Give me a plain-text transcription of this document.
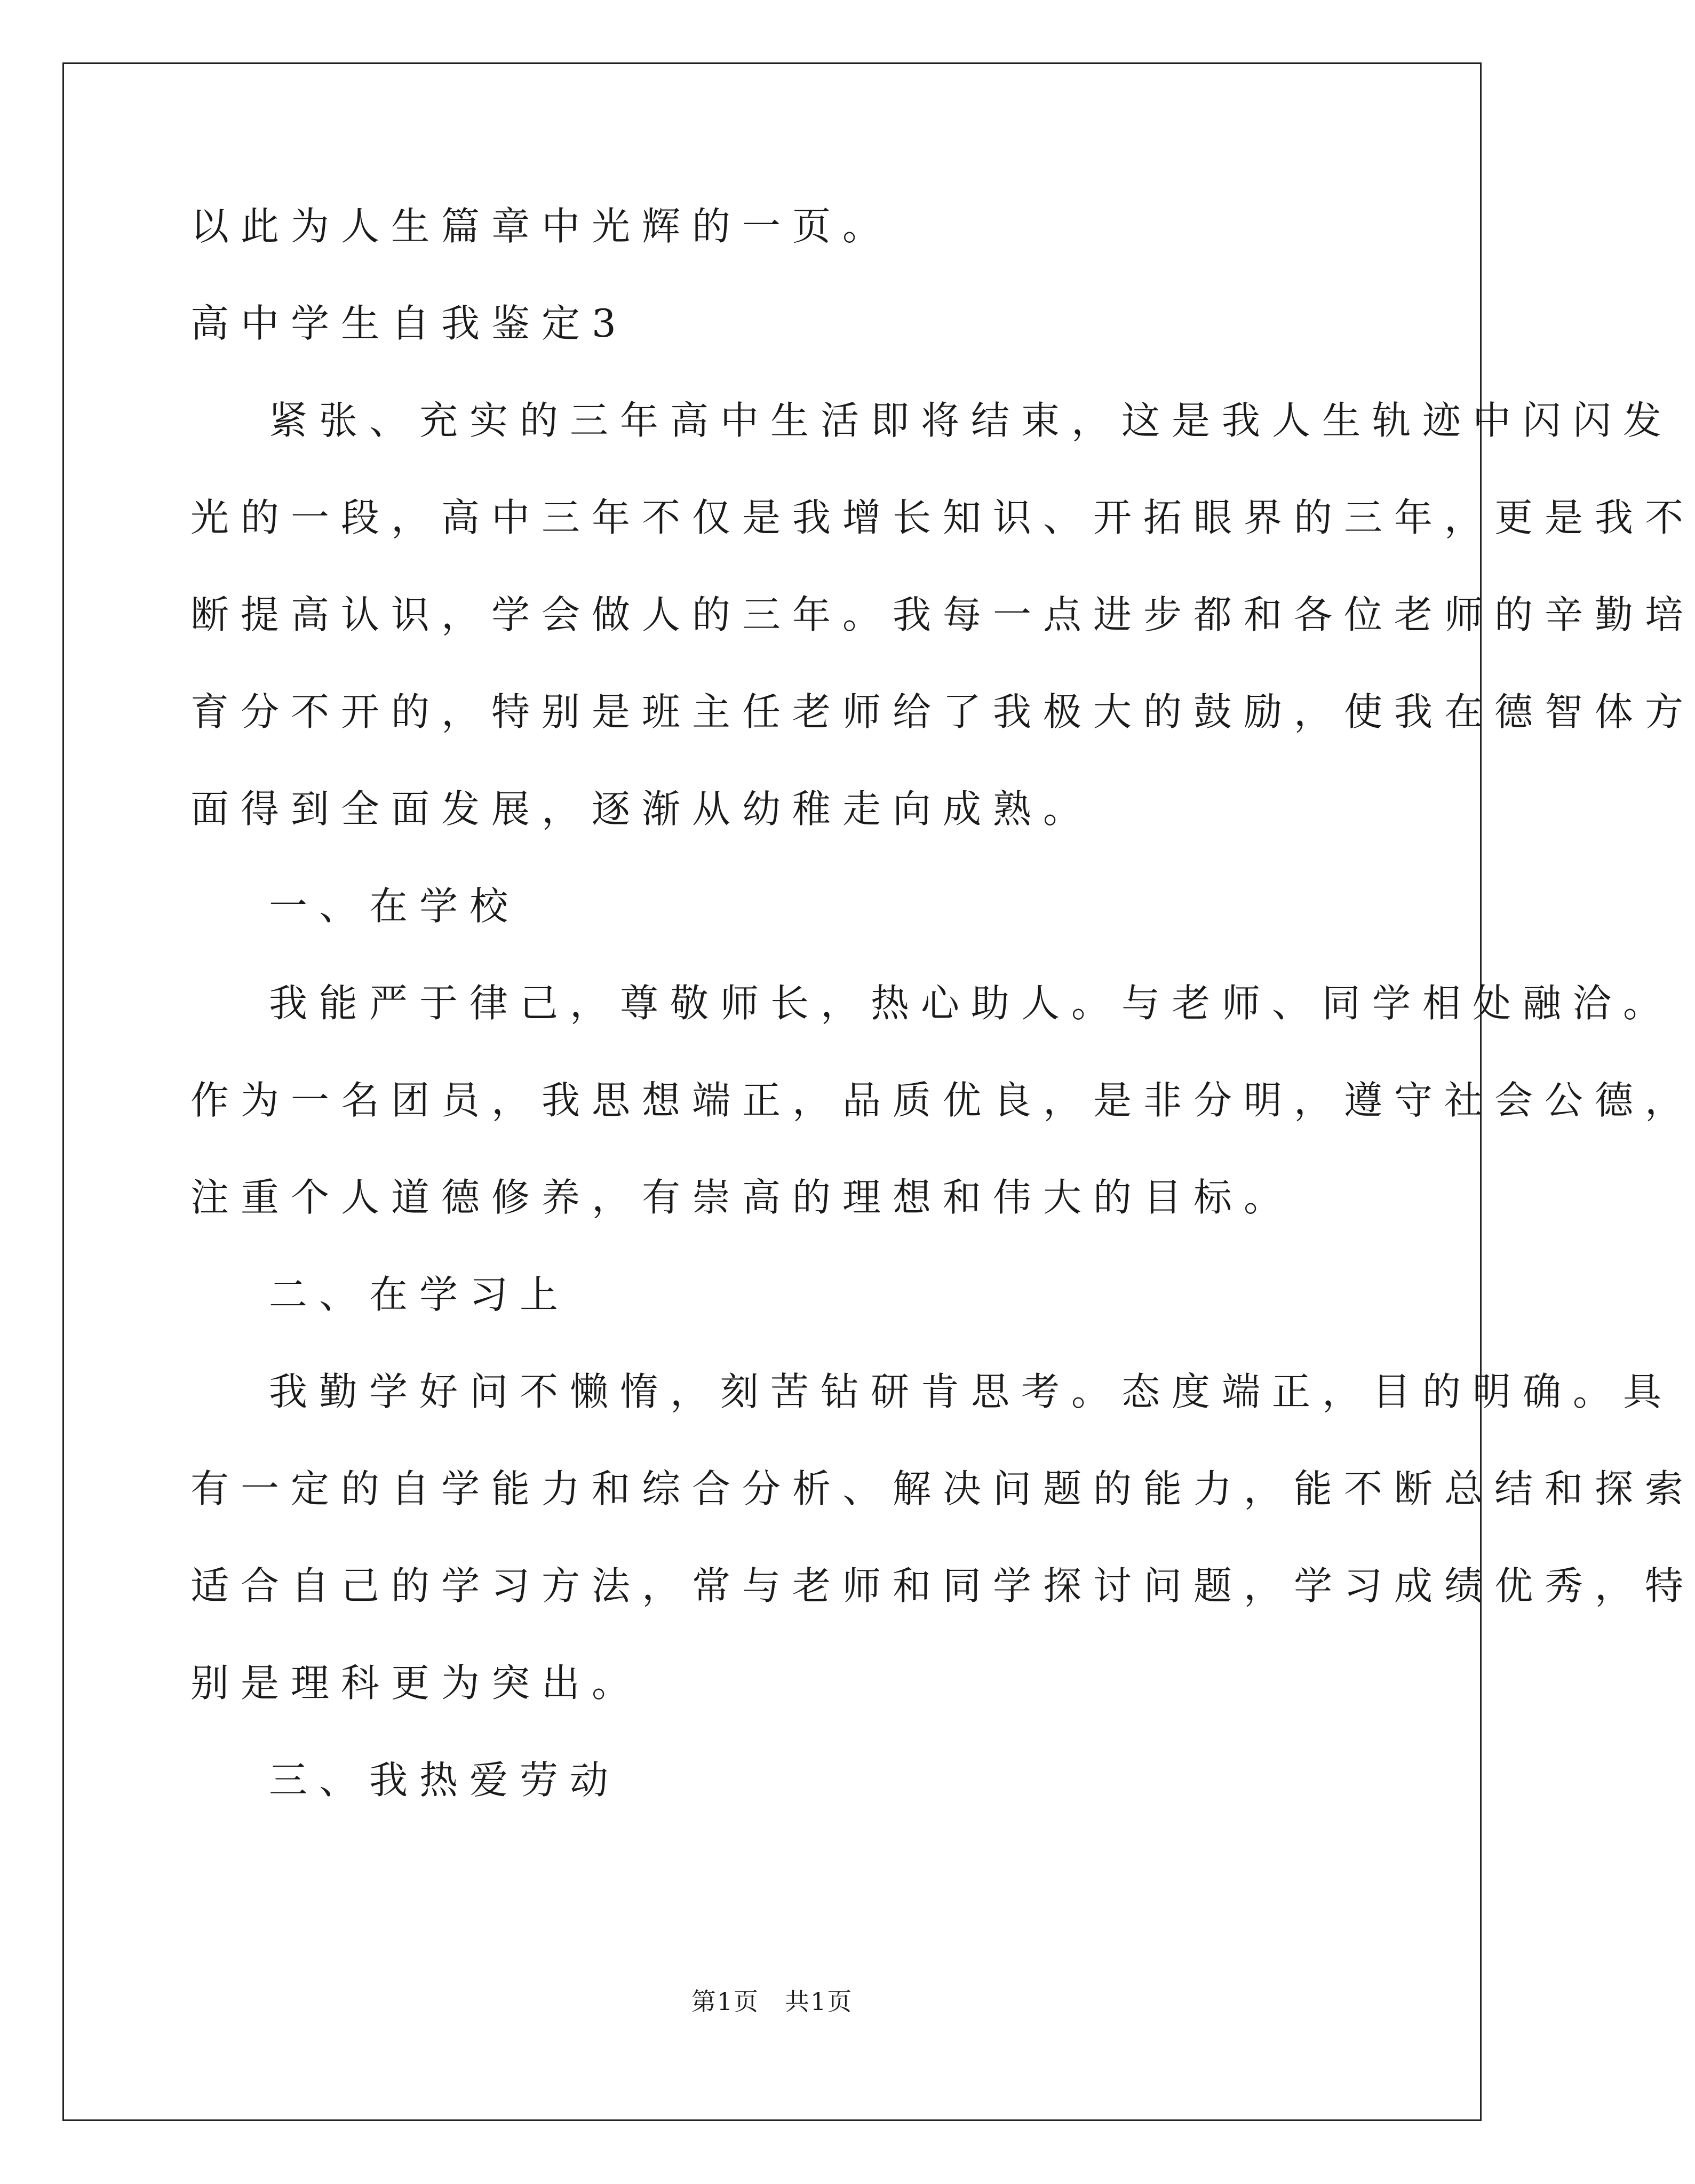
以此为人生篇章中光辉的一页。
高中学生自我鉴定3
紧张、充实的三年高中生活即将结束，这是我人生轨迹中闪闪发
光的一段，高中三年不仅是我增长知识、开拓眼界的三年，更是我不
断提高认识，学会做人的三年。我每一点进步都和各位老师的辛勤培
育分不开的，特别是班主任老师给了我极大的鼓励，使我在德智体方
面得到全面发展，逐渐从幼稚走向成熟。
一、在学校
我能严于律己，尊敬师长，热心助人。与老师、同学相处融洽。
作为一名团员，我思想端正，品质优良，是非分明，遵守社会公德，
注重个人道德修养，有崇高的理想和伟大的目标。
二、在学习上
我勤学好问不懒惰，刻苦钻研肯思考。态度端正，目的明确。具
有一定的自学能力和综合分析、解决问题的能力，能不断总结和探索
适合自己的学习方法，常与老师和同学探讨问题，学习成绩优秀，特
别是理科更为突出。
三、我热爱劳动
第1页　共1页
